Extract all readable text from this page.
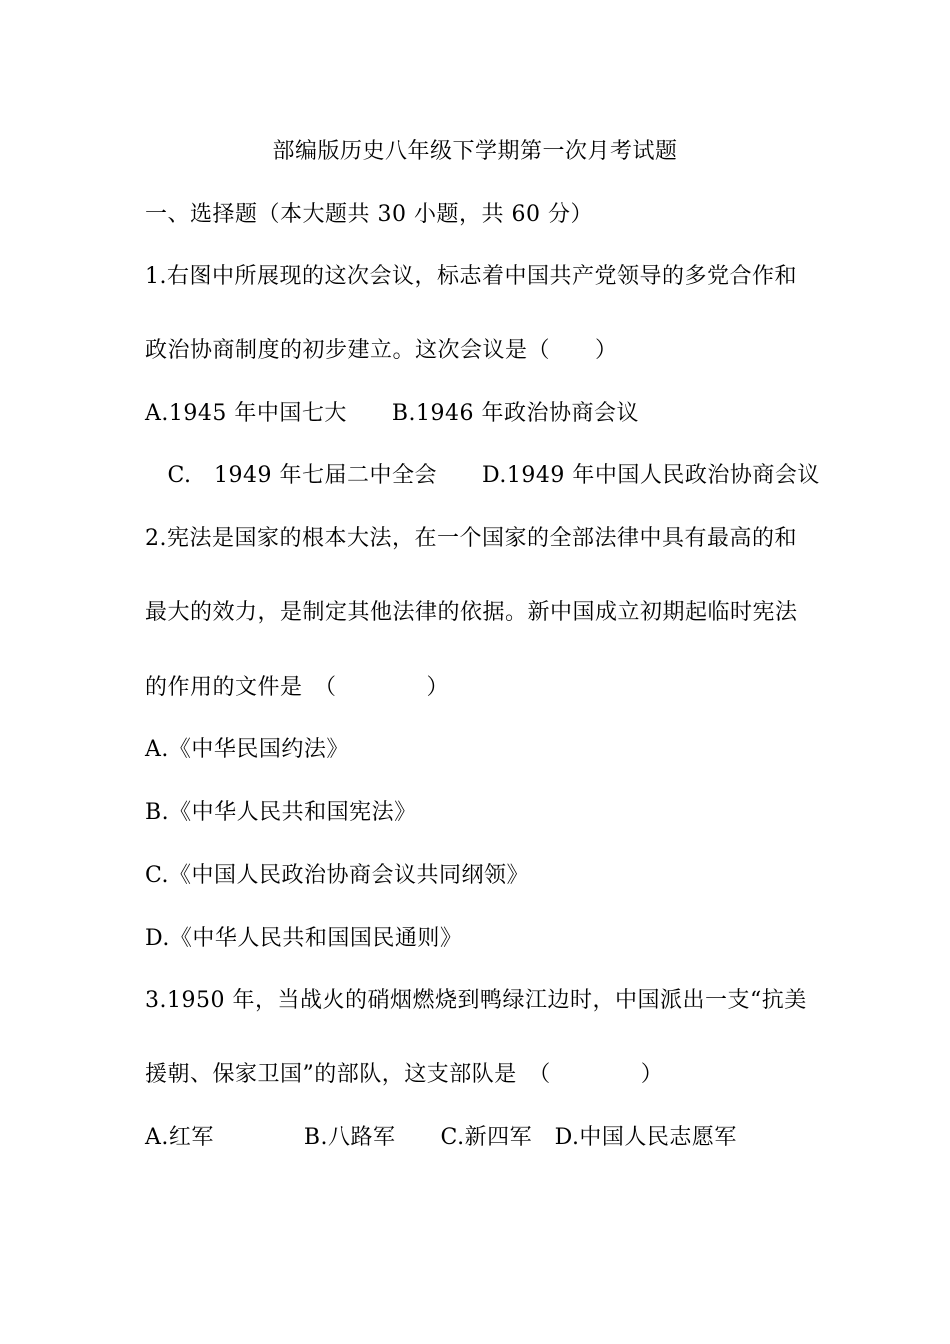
部编版历史八年级下学期第一次月考试题
一、选择题（本大题共 30 小题，共 60 分）
1.右图中所展现的这次会议，标志着中国共产党领导的多党合作和
政治协商制度的初步建立。这次会议是（　　）
A.1945 年中国七大　　B.1946 年政治协商会议
　C.　1949 年七届二中全会　　D.1949 年中国人民政治协商会议
2.宪法是国家的根本大法，在一个国家的全部法律中具有最高的和
最大的效力，是制定其他法律的依据。新中国成立初期起临时宪法
的作用的文件是　（　　　　）
A.《中华民国约法》
B.《中华人民共和国宪法》
C.《中国人民政治协商会议共同纲领》
D.《中华人民共和国国民通则》
3.1950 年，当战火的硝烟燃烧到鸭绿江边时，中国派出一支“抗美
援朝、保家卫国”的部队，这支部队是　（　　　　）
A.红军　　　　B.八路军　　C.新四军　D.中国人民志愿军
